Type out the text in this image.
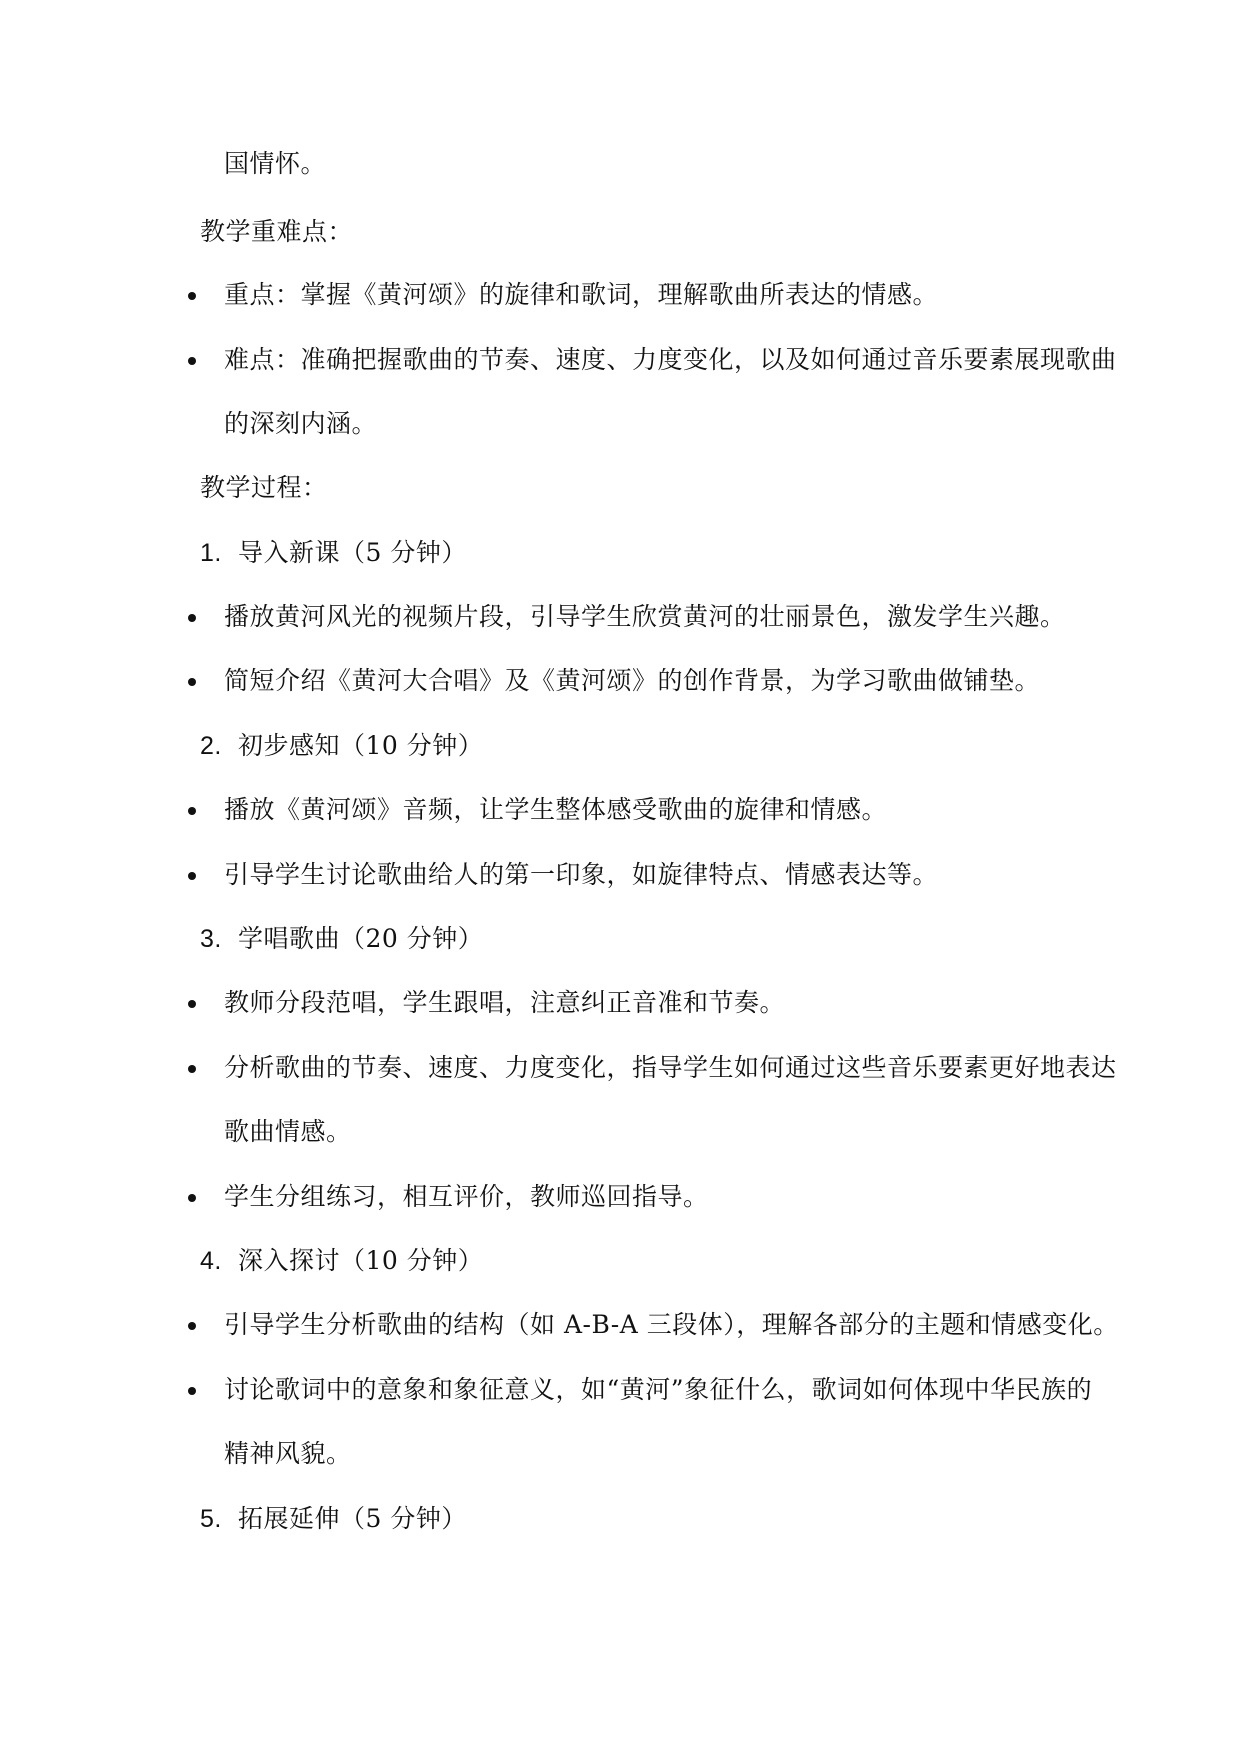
国情怀。
教学重难点：
重点：掌握《黄河颂》的旋律和歌词，理解歌曲所表达的情感。
难点：准确把握歌曲的节奏、速度、力度变化，以及如何通过音乐要素展现歌曲
的深刻内涵。
教学过程：
1. 导入新课（5 分钟）
播放黄河风光的视频片段，引导学生欣赏黄河的壮丽景色，激发学生兴趣。
简短介绍《黄河大合唱》及《黄河颂》的创作背景，为学习歌曲做铺垫。
2. 初步感知（10 分钟）
播放《黄河颂》音频，让学生整体感受歌曲的旋律和情感。
引导学生讨论歌曲给人的第一印象，如旋律特点、情感表达等。
3. 学唱歌曲（20 分钟）
教师分段范唱，学生跟唱，注意纠正音准和节奏。
分析歌曲的节奏、速度、力度变化，指导学生如何通过这些音乐要素更好地表达
歌曲情感。
学生分组练习，相互评价，教师巡回指导。
4. 深入探讨（10 分钟）
引导学生分析歌曲的结构（如 A-B-A 三段体），理解各部分的主题和情感变化。
讨论歌词中的意象和象征意义，如“黄河”象征什么，歌词如何体现中华民族的
精神风貌。
5. 拓展延伸（5 分钟）
